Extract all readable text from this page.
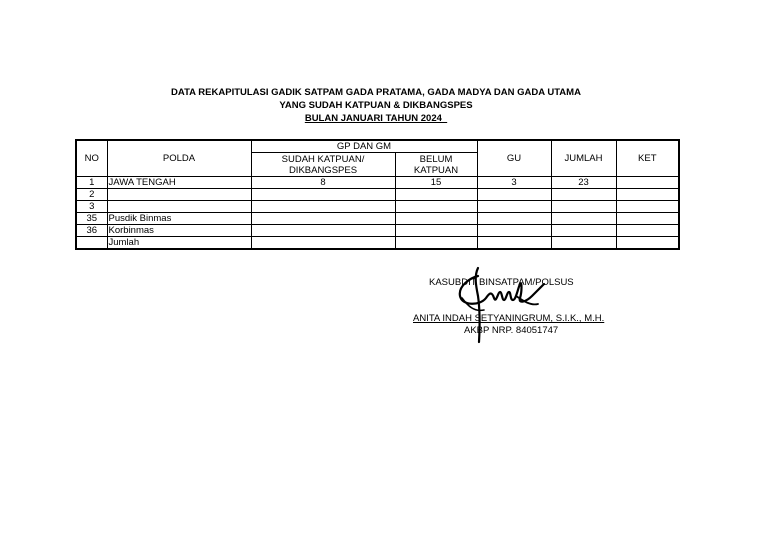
DATA REKAPITULASI GADIK SATPAM GADA PRATAMA, GADA MADYA DAN GADA UTAMA
YANG SUDAH KATPUAN & DIKBANGSPES
BULAN JANUARI TAHUN 2024
NO	POLDA	GP DAN GM		GU	JUMLAH	KET
		SUDAH KATPUAN/ DIKBANGSPES	BELUM KATPUAN			
1	JAWA TENGAH	8	15	3	23	
2						
3						
35	Pusdik Binmas					
36	Korbinmas					
	Jumlah					
KASUBDIT BINSATPAM/POLSUS
ANITA INDAH SETYANINGRUM, S.I.K., M.H.
AKBP NRP. 84051747
